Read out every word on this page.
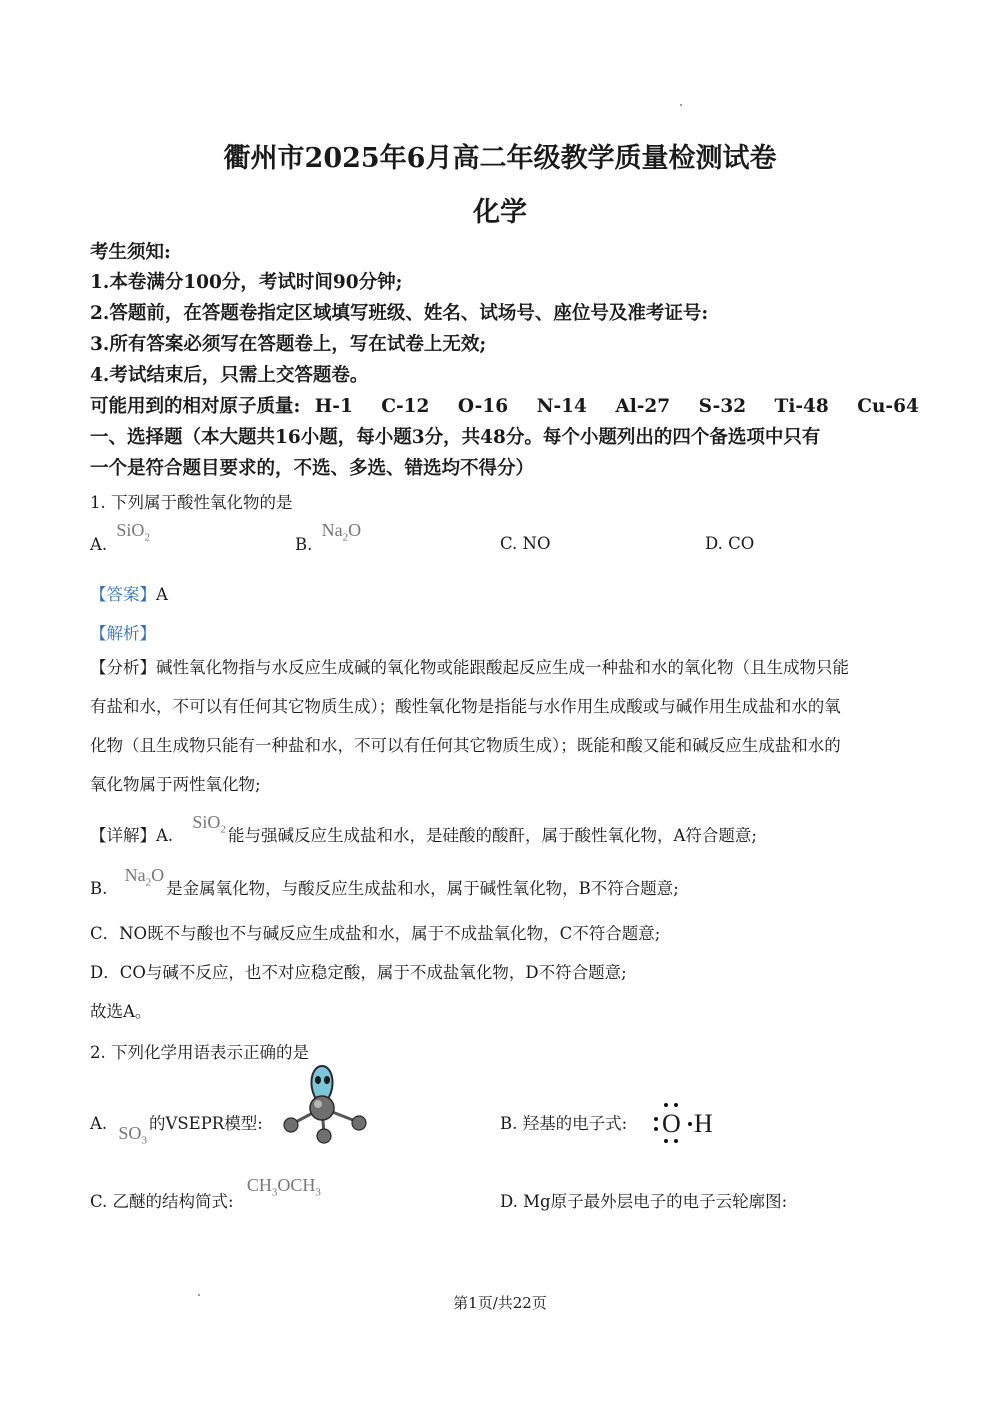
衢州市2025年6月高二年级教学质量检测试卷
化学
考生须知:
1.本卷满分100分，考试时间90分钟;
2.答题前，在答题卷指定区域填写班级、姓名、试场号、座位号及准考证号:
3.所有答案必须写在答题卷上，写在试卷上无效;
4.考试结束后，只需上交答题卷。
可能用到的相对原子质量: H-1 C-12 O-16 N-14 Al-27 S-32 Ti-48 Cu-64
一、选择题（本大题共16小题，每小题3分，共48分。每个小题列出的四个备选项中只有
一个是符合题目要求的，不选、多选、错选均不得分）
1. 下列属于酸性氧化物的是
A. SiO$_2$	B. $Na_2O$
C. NO	D. CO
【答案】A
【解析】
【分析】碱性氧化物指与水反应生成碱的氧化物或能跟酸起反应生成一种盐和水的氧化物（且生成物只能
有盐和水，不可以有任何其它物质生成）；酸性氧化物是指能与水作用生成酸或与碱作用生成盐和水的氧
化物（且生成物只能有一种盐和水，不可以有任何其它物质生成）；既能和酸又能和碱反应生成盐和水的
氧化物属于两性氧化物;
【详解】A. SiO$_2$ 能与强碱反应生成盐和水，是硅酸的酸酐，属于酸性氧化物，A符合题意;
B. $Na_2O$是金属氧化物，与酸反应生成盐和水，属于碱性氧化物，B不符合题意;
C．NO既不与酸也不与碱反应生成盐和水，属于不成盐氧化物，C不符合题意;
D．CO与碱不反应，也不对应稳定酸，属于不成盐氧化物，D不符合题意;
故选A。
2. 下列化学用语表示正确的是
A. $SO_3$的VSEPR模型:	B. 羟基的电子式: O H
C. 乙醚的结构简式: $CH_3OCH_3$	D. Mg原子最外层电子的电子云轮廓图:
第1页/共22页
